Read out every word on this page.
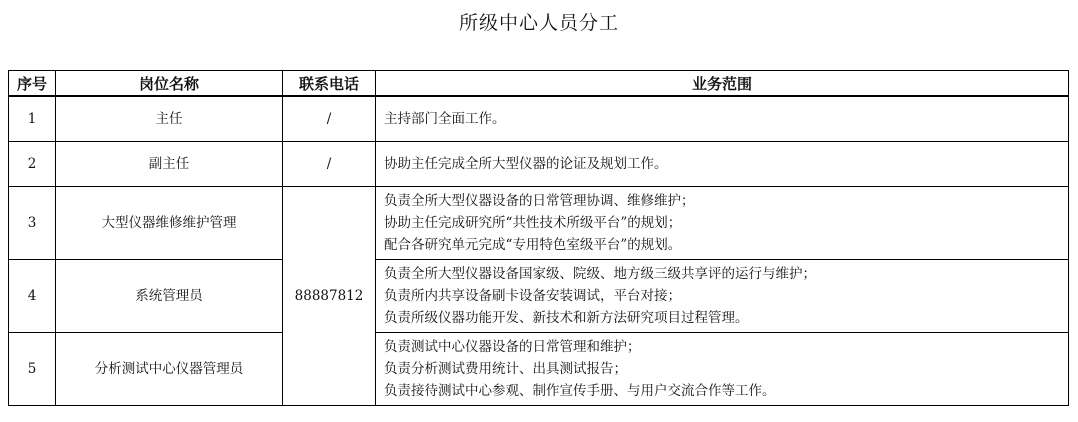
所级中心人员分工
序号	岗位名称	联系电话	业务范围
1	主任	/	主持部门全面工作。

2	副主任	/	协助主任完成全所大型仪器的论证及规划工作。

3	大型仪器维修维护管理	88887812	负责全所大型仪器设备的日常管理协调、维修维护；
协助主任完成研究所“共性技术所级平台”的规划；
配合各研究单元完成“专用特色室级平台”的规划。

4	系统管理员		负责全所大型仪器设备国家级、院级、地方级三级共享评的运行与维护；
负责所内共享设备刷卡设备安装调试，平台对接；
负责所级仪器功能开发、新技术和新方法研究项目过程管理。

5	分析测试中心仪器管理员		负责测试中心仪器设备的日常管理和维护；
负责分析测试费用统计、出具测试报告；
负责接待测试中心参观、制作宣传手册、与用户交流合作等工作。
